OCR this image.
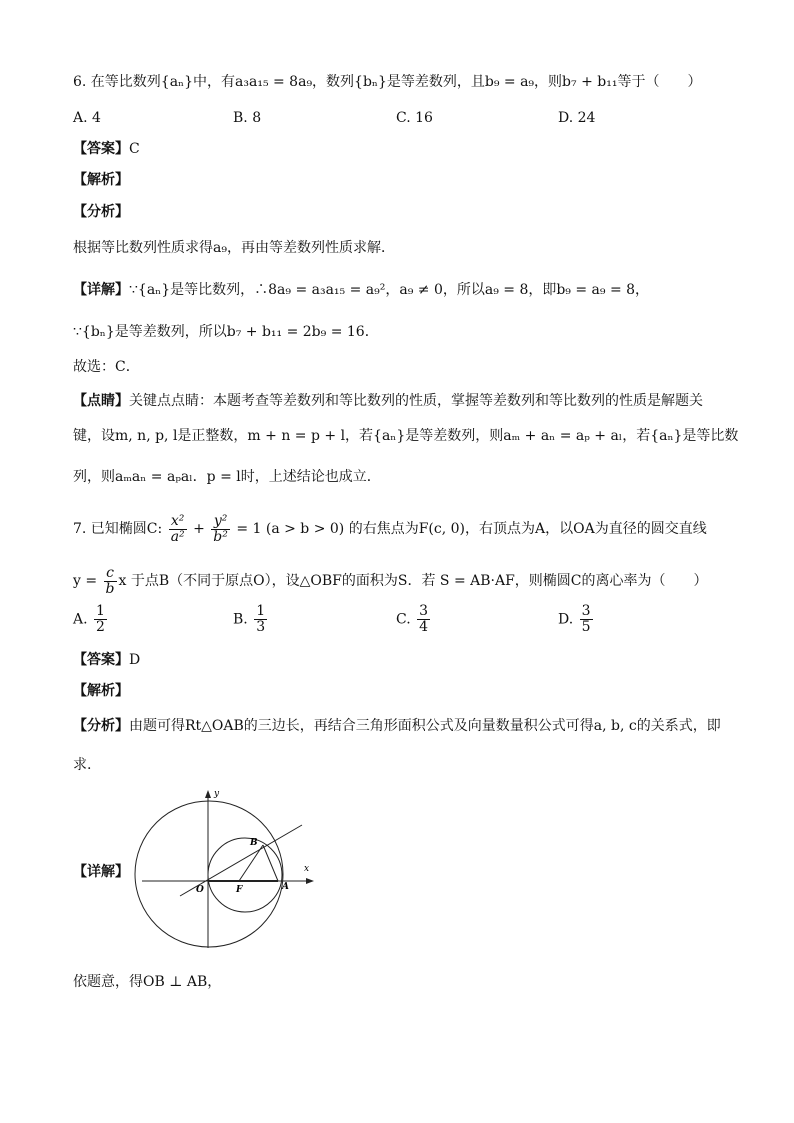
6. 在等比数列{aₙ}中，有a₃a₁₅ = 8a₉，数列{bₙ}是等差数列，且b₉ = a₉，则b₇ + b₁₁等于（　　）
A. 4	B. 8	C. 16	D. 24
【答案】C
【解析】
【分析】
根据等比数列性质求得a₉，再由等差数列性质求解．
【详解】∵{aₙ}是等比数列，∴8a₉ = a₃a₁₅ = a₉²，a₉ ≠ 0，所以a₉ = 8，即b₉ = a₉ = 8，
∵{bₙ}是等差数列，所以b₇ + b₁₁ = 2b₉ = 16．
故选：C．
【点睛】关键点点睛：本题考查等差数列和等比数列的性质，掌握等差数列和等比数列的性质是解题关
键，设m, n, p, l是正整数，m + n = p + l，若{aₙ}是等差数列，则aₘ + aₙ = aₚ + aₗ，若{aₙ}是等比数
列，则aₘaₙ = aₚaₗ．p = l时，上述结论也成立．
7. 已知椭圆C: $\frac{\text{x²}}{\text{a²}} + \frac{\text{y²}}{\text{b²}} = 1$ (a > b > 0) 的右焦点为F(c, 0)，右顶点为A，以OA为直径的圆交直线
$y = \frac{c}{b}$ x 于点B（不同于原点O），设△OBF的面积为S．若 S = AB·AF，则椭圆C的离心率为（　　）
A. $\frac{1}{2}$	B. $\frac{1}{3}$	C. $\frac{3}{4}$	D. $\frac{3}{5}$
【答案】D
【解析】
【分析】由题可得Rt△OAB的三边长，再结合三角形面积公式及向量数量积公式可得a, b, c的关系式，即
求.
【详解】
y
x
O	F	A
B
依题意，得OB ⊥ AB，
